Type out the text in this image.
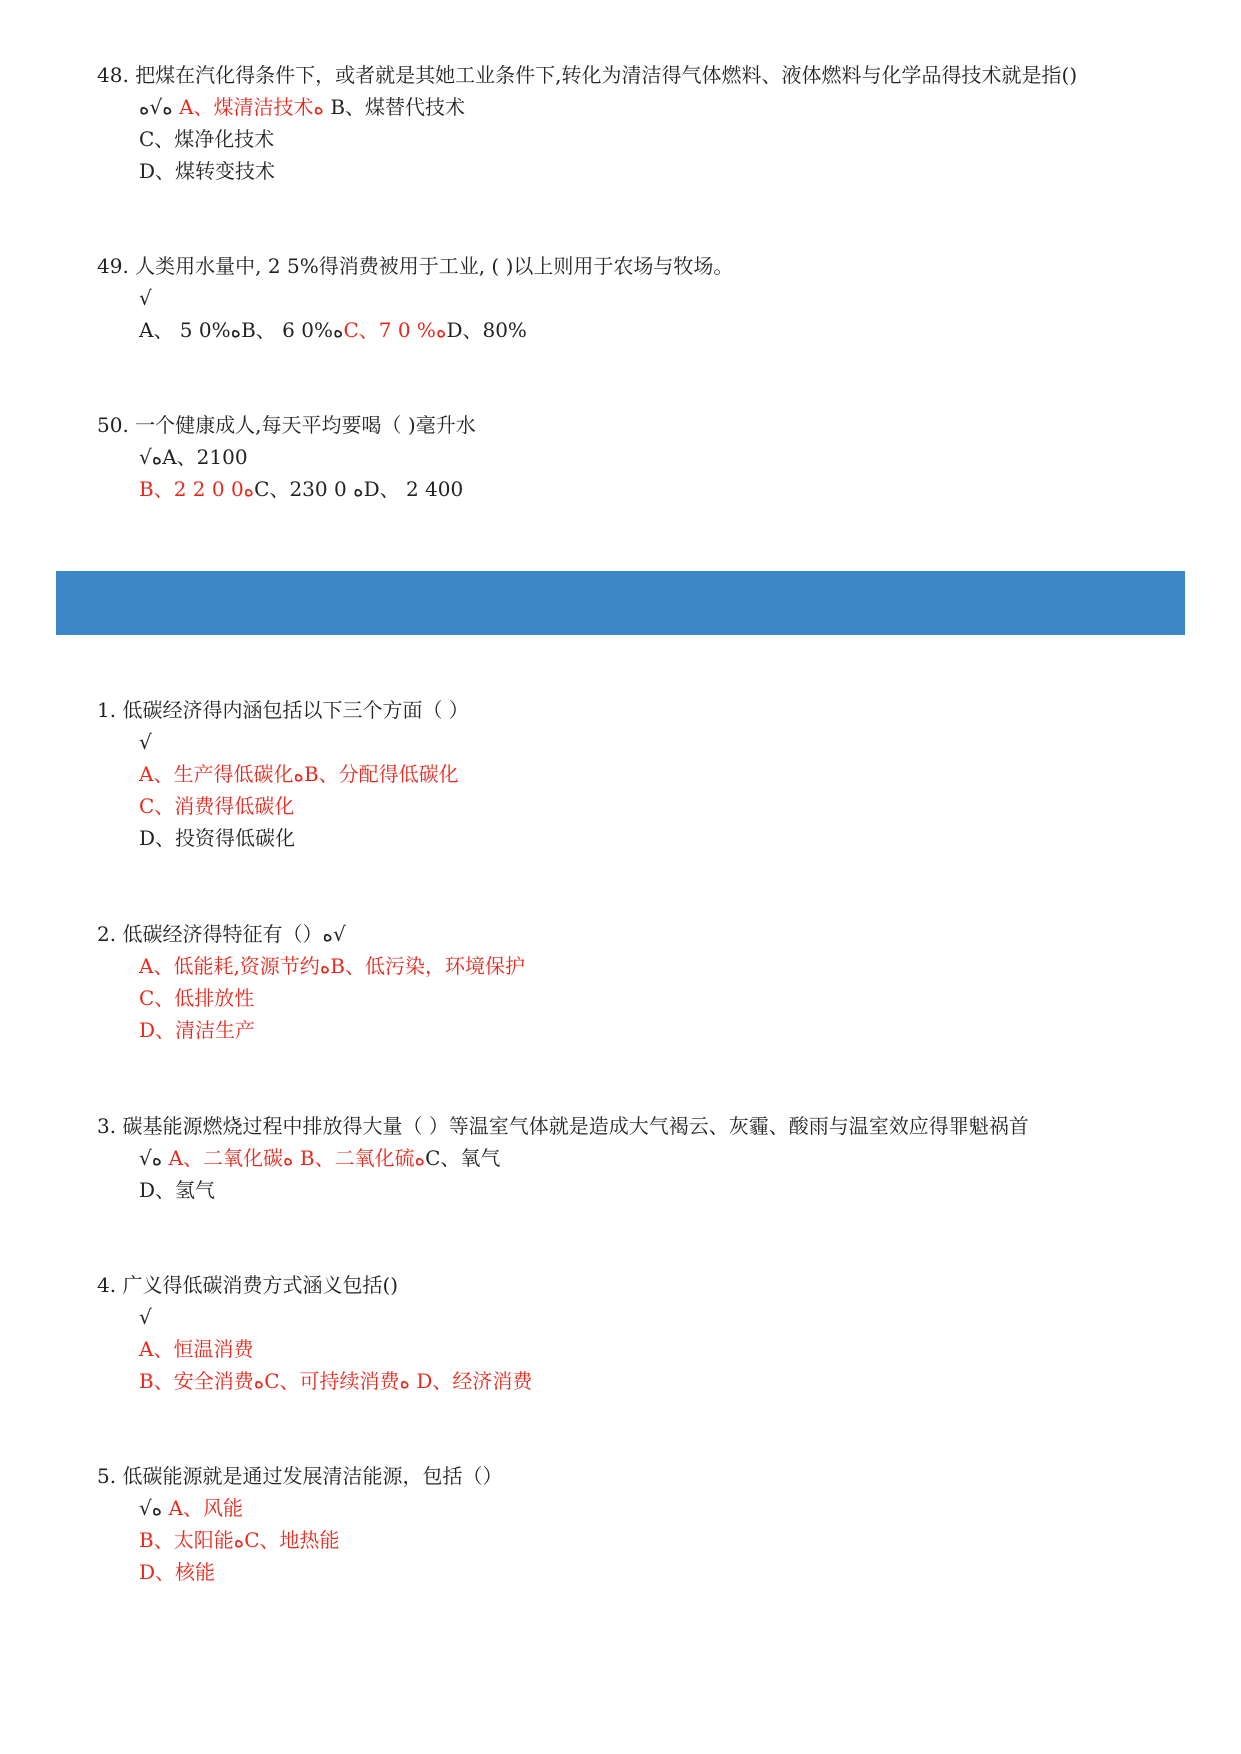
48. 把煤在汽化得条件下，或者就是其她工业条件下,转化为清洁得气体燃料、液体燃料与化学品得技术就是指()
ﻩ√ﻩ A、煤清洁技术ﻩ B、煤替代技术
C、煤净化技术
D、煤转变技术
49. 人类用水量中, 2 5%得消费被用于工业, ( )以上则用于农场与牧场。
√
A、 5 0%ﻩB、 6 0%ﻩC、7 0 %ﻩD、80%
50. 一个健康成人,每天平均要喝（ )毫升水
√ﻩA、2100
B、2 2 0 0ﻩC、230 0 ﻩD、 2 400
1. 低碳经济得内涵包括以下三个方面（ ）
√
A、生产得低碳化ﻩB、分配得低碳化
C、消费得低碳化
D、投资得低碳化
2. 低碳经济得特征有（）ﻩ√
A、低能耗,资源节约ﻩB、低污染，环境保护
C、低排放性
D、清洁生产
3. 碳基能源燃烧过程中排放得大量（ ）等温室气体就是造成大气褐云、灰霾、酸雨与温室效应得罪魁祸首
√ﻩ A、二氧化碳ﻩ B、二氧化硫ﻩC、氧气
D、氢气
4. 广义得低碳消费方式涵义包括()
√
A、恒温消费
B、安全消费ﻩC、可持续消费ﻩ D、经济消费
5. 低碳能源就是通过发展清洁能源，包括（）
√ﻩ A、风能
B、太阳能ﻩC、地热能
D、核能
